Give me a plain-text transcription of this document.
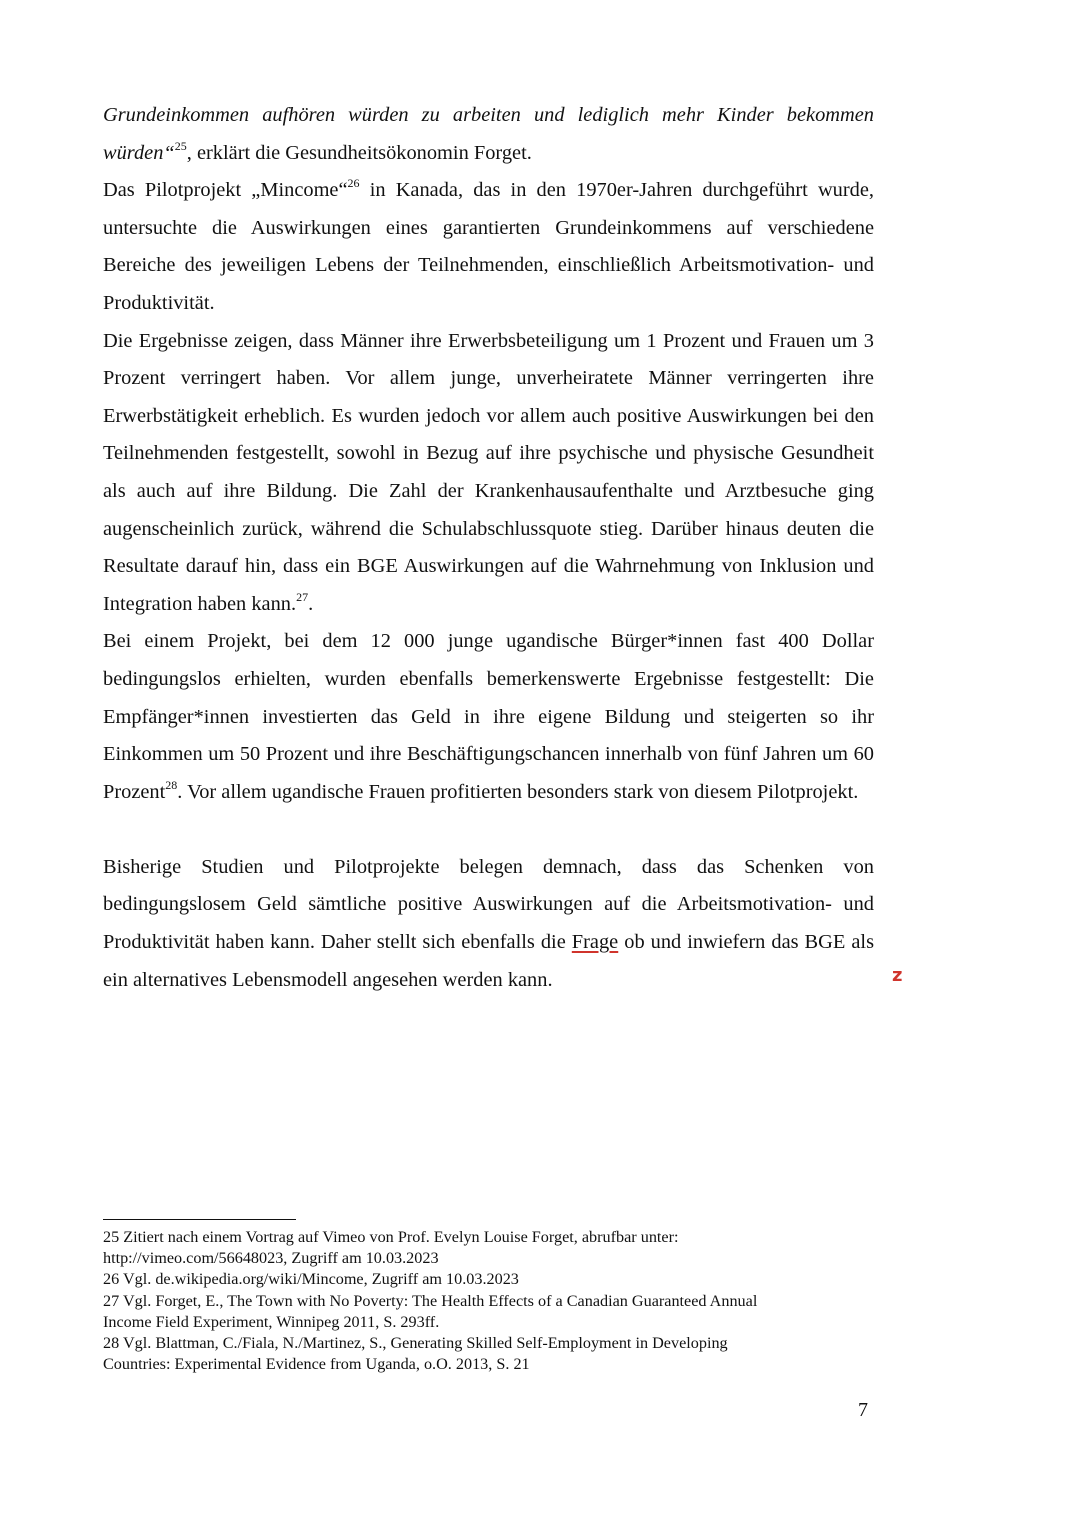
Grundeinkommen aufhören würden zu arbeiten und lediglich mehr Kinder bekommen würden“$^{25}$, erklärt die Gesundheitsökonomin Forget.

Das Pilotprojekt „Mincome“$^{26}$ in Kanada, das in den 1970er-Jahren durchgeführt wurde, untersuchte die Auswirkungen eines garantierten Grundeinkommens auf verschiedene Bereiche des jeweiligen Lebens der Teilnehmenden, einschließlich Arbeitsmotivation- und Produktivität.

Die Ergebnisse zeigen, dass Männer ihre Erwerbsbeteiligung um 1 Prozent und Frauen um 3 Prozent verringert haben. Vor allem junge, unverheiratete Männer verringerten ihre Erwerbstätigkeit erheblich. Es wurden jedoch vor allem auch positive Auswirkungen bei den Teilnehmenden festgestellt, sowohl in Bezug auf ihre psychische und physische Gesundheit als auch auf ihre Bildung. Die Zahl der Krankenhausaufenthalte und Arztbesuche ging augenscheinlich zurück, während die Schulabschlussquote stieg. Darüber hinaus deuten die Resultate darauf hin, dass ein BGE Auswirkungen auf die Wahrnehmung von Inklusion und Integration haben kann.$^{27}$.

Bei einem Projekt, bei dem 12 000 junge ugandische Bürger*innen fast 400 Dollar bedingungslos erhielten, wurden ebenfalls bemerkenswerte Ergebnisse festgestellt: Die Empfänger*innen investierten das Geld in ihre eigene Bildung und steigerten so ihr Einkommen um 50 Prozent und ihre Beschäftigungschancen innerhalb von fünf Jahren um 60 Prozent$^{28}$. Vor allem ugandische Frauen profitierten besonders stark von diesem Pilotprojekt.

Bisherige Studien und Pilotprojekte belegen demnach, dass das Schenken von bedingungslosem Geld sämtliche positive Auswirkungen auf die Arbeitsmotivation- und Produktivität haben kann. Daher stellt sich ebenfalls die Frage ob und inwiefern das BGE als ein alternatives Lebensmodell angesehen werden kann.	z

25 Zitiert nach einem Vortrag auf Vimeo von Prof. Evelyn Louise Forget, abrufbar unter:
http://vimeo.com/56648023, Zugriff am 10.03.2023

26 Vgl. de.wikipedia.org/wiki/Mincome, Zugriff am 10.03.2023

27 Vgl. Forget, E., The Town with No Poverty: The Health Effects of a Canadian Guaranteed Annual
Income Field Experiment, Winnipeg 2011, S. 293ff.

28 Vgl. Blattman, C./Fiala, N./Martinez, S., Generating Skilled Self-Employment in Developing
Countries: Experimental Evidence from Uganda, o.O. 2013, S. 21

7
